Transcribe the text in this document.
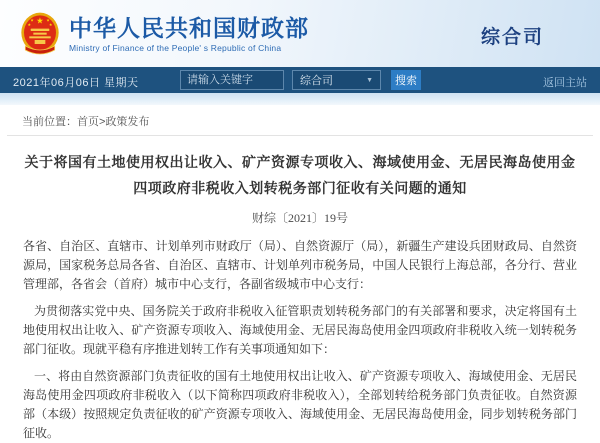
★
★ ★
★	★ 中华人民共和国财政部
Ministry of Finance of the People' s Republic of China	综合司
2021年06月06日 星期天
请输入关键字	综合司	▼	搜索	返回主站
当前位置：首页>政策发布
关于将国有土地使用权出让收入、矿产资源专项收入、海域使用金、无居民海岛使用金
四项政府非税收入划转税务部门征收有关问题的通知
财综〔2021〕19号

各省、自治区、直辖市、计划单列市财政厅（局）、自然资源厅（局），新疆生产建设兵团财政局、自然资源局，国家税务总局各省、自治区、直辖市、计划单列市税务局，中国人民银行上海总部，各分行、营业管理部，各省会（首府）城市中心支行，各副省级城市中心支行：

为贯彻落实党中央、国务院关于政府非税收入征管职责划转税务部门的有关部署和要求，决定将国有土地使用权出让收入、矿产资源专项收入、海域使用金、无居民海岛使用金四项政府非税收入统一划转税务部门征收。现就平稳有序推进划转工作有关事项通知如下：

一、将由自然资源部门负责征收的国有土地使用权出让收入、矿产资源专项收入、海域使用金、无居民海岛使用金四项政府非税收入（以下简称四项政府非税收入），全部划转给税务部门负责征收。自然资源部（本级）按照规定负责征收的矿产资源专项收入、海域使用金、无居民海岛使用金，同步划转税务部门征收。
